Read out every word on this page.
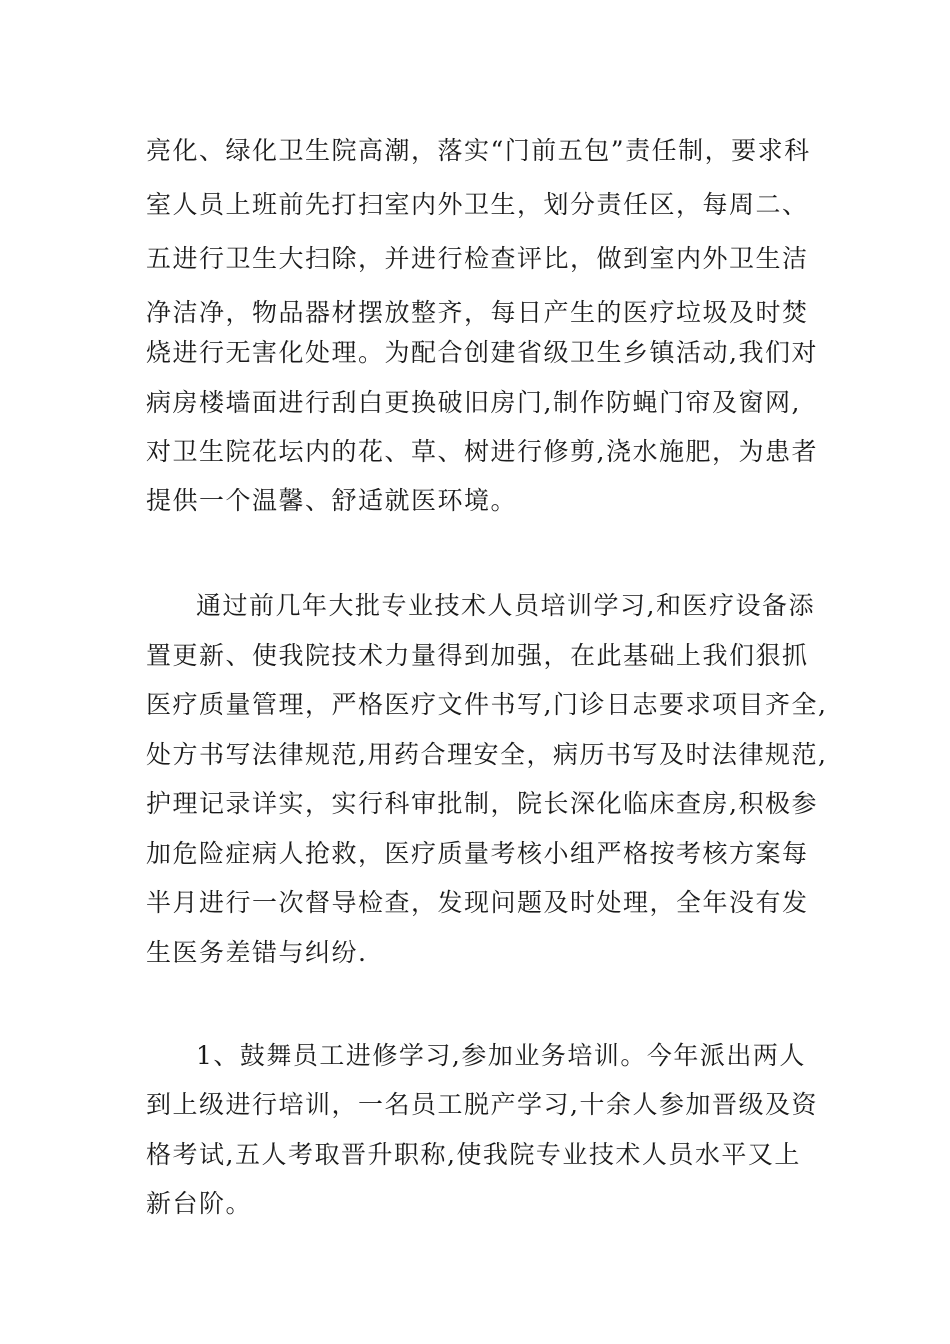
亮化、绿化卫生院高潮，落实“门前五包”责任制，要求科
室人员上班前先打扫室内外卫生，划分责任区，每周二、
五进行卫生大扫除，并进行检查评比，做到室内外卫生洁
净洁净，物品器材摆放整齐，每日产生的医疗垃圾及时焚
烧进行无害化处理。为配合创建省级卫生乡镇活动,我们对
病房楼墙面进行刮白更换破旧房门,制作防蝇门帘及窗网,
对卫生院花坛内的花、草、树进行修剪,浇水施肥，为患者
提供一个温馨、舒适就医环境。
通过前几年大批专业技术人员培训学习,和医疗设备添
置更新、使我院技术力量得到加强，在此基础上我们狠抓
医疗质量管理，严格医疗文件书写,门诊日志要求项目齐全,
处方书写法律规范,用药合理安全，病历书写及时法律规范,
护理记录详实，实行科审批制，院长深化临床查房,积极参
加危险症病人抢救，医疗质量考核小组严格按考核方案每
半月进行一次督导检查，发现问题及时处理，全年没有发
生医务差错与纠纷.
1、鼓舞员工进修学习,参加业务培训。今年派出两人
到上级进行培训，一名员工脱产学习,十余人参加晋级及资
格考试,五人考取晋升职称,使我院专业技术人员水平又上
新台阶。
